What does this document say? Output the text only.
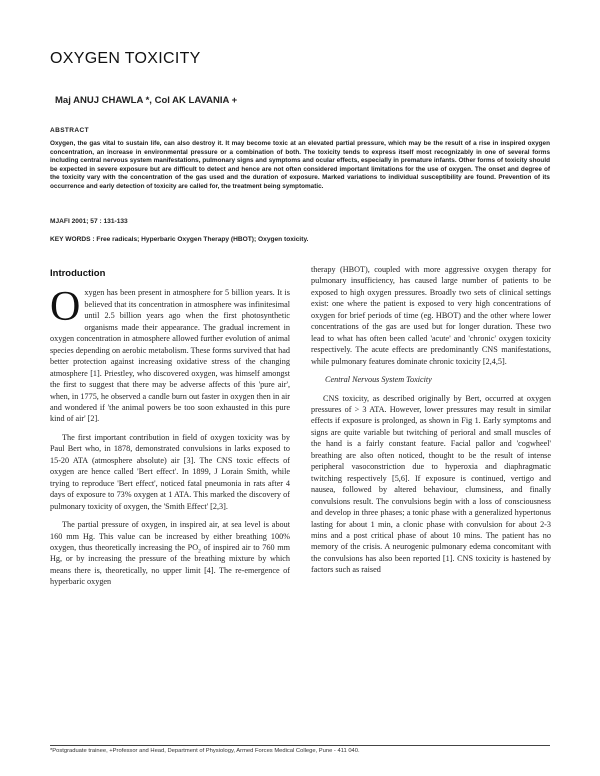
OXYGEN TOXICITY
Maj ANUJ CHAWLA *, Col AK LAVANIA +
ABSTRACT
Oxygen, the gas vital to sustain life, can also destroy it. It may become toxic at an elevated partial pressure, which may be the result of a rise in inspired oxygen concentration, an increase in environmental pressure or a combination of both. The toxicity tends to express itself most recognizably in one of several forms including central nervous system manifestations, pulmonary signs and symptoms and ocular effects, especially in premature infants. Other forms of toxicity should be expected in severe exposure but are difficult to detect and hence are not often considered important limitations for the use of oxygen. The onset and degree of the toxicity vary with the concentration of the gas used and the duration of exposure. Marked variations to individual susceptibility are found. Prevention of its occurrence and early detection of toxicity are called for, the treatment being symptomatic.
MJAFI 2001; 57 : 131-133
KEY WORDS : Free radicals; Hyperbaric Oxygen Therapy (HBOT); Oxygen toxicity.
Introduction

Oxygen has been present in atmosphere for 5 billion years. It is believed that its concentration in atmosphere was infinitesimal until 2.5 billion years ago when the first photosynthetic organisms made their appearance. The gradual increment in oxygen concentration in atmosphere allowed further evolution of animal species depending on aerobic metabolism. These forms survived that had better protection against increasing oxidative stress of the changing atmosphere [1]. Priestley, who discovered oxygen, was himself amongst the first to suggest that there may be adverse affects of this 'pure air', when, in 1775, he observed a candle burn out faster in oxygen then in air and wondered if 'the animal powers be too soon exhausted in this pure kind of air' [2].

The first important contribution in field of oxygen toxicity was by Paul Bert who, in 1878, demonstrated convulsions in larks exposed to 15-20 ATA (atmosphere absolute) air [3]. The CNS toxic effects of oxygen are hence called 'Bert effect'. In 1899, J Lorain Smith, while trying to reproduce 'Bert effect', noticed fatal pneumonia in rats after 4 days of exposure to 73% oxygen at 1 ATA. This marked the discovery of pulmonary toxicity of oxygen, the 'Smith Effect' [2,3].

The partial pressure of oxygen, in inspired air, at sea level is about 160 mm Hg. This value can be increased by either breathing 100% oxygen, thus theoretically increasing the $PO_2$ of inspired air to 760 mm Hg, or by increasing the pressure of the breathing mixture by which means there is, theoretically, no upper limit [4]. The re-emergence of hyperbaric oxygen

therapy (HBOT), coupled with more aggressive oxygen therapy for pulmonary insufficiency, has caused large number of patients to be exposed to high oxygen pressures. Broadly two sets of clinical settings exist: one where the patient is exposed to very high concentrations of oxygen for brief periods of time (eg. HBOT) and the other where lower concentrations of the gas are used but for longer duration. These two lead to what has often been called 'acute' and 'chronic' oxygen toxicity respectively. The acute effects are predominantly CNS manifestations, while pulmonary features dominate chronic toxicity [2,4,5].

Central Nervous System Toxicity

CNS toxicity, as described originally by Bert, occurred at oxygen pressures of > 3 ATA. However, lower pressures may result in similar effects if exposure is prolonged, as shown in Fig 1. Early symptoms and signs are quite variable but twitching of perioral and small muscles of the hand is a fairly constant feature. Facial pallor and 'cogwheel' breathing are also often noticed, thought to be the result of intense peripheral vasoconstriction due to hyperoxia and diaphragmatic twitching respectively [5,6]. If exposure is continued, vertigo and nausea, followed by altered behaviour, clumsiness, and finally convulsions result. The convulsions begin with a loss of consciousness and develop in three phases; a tonic phase with a generalized hypertonus lasting for about 1 min, a clonic phase with convulsion for about 2-3 mins and a post critical phase of about 10 mins. The patient has no memory of the crisis. A neurogenic pulmonary edema concomitant with the convulsions has also been reported [1]. CNS toxicity is hastened by factors such as raised

*Postgraduate trainee, +Professor and Head, Department of Physiology, Armed Forces Medical College, Pune - 411 040.
